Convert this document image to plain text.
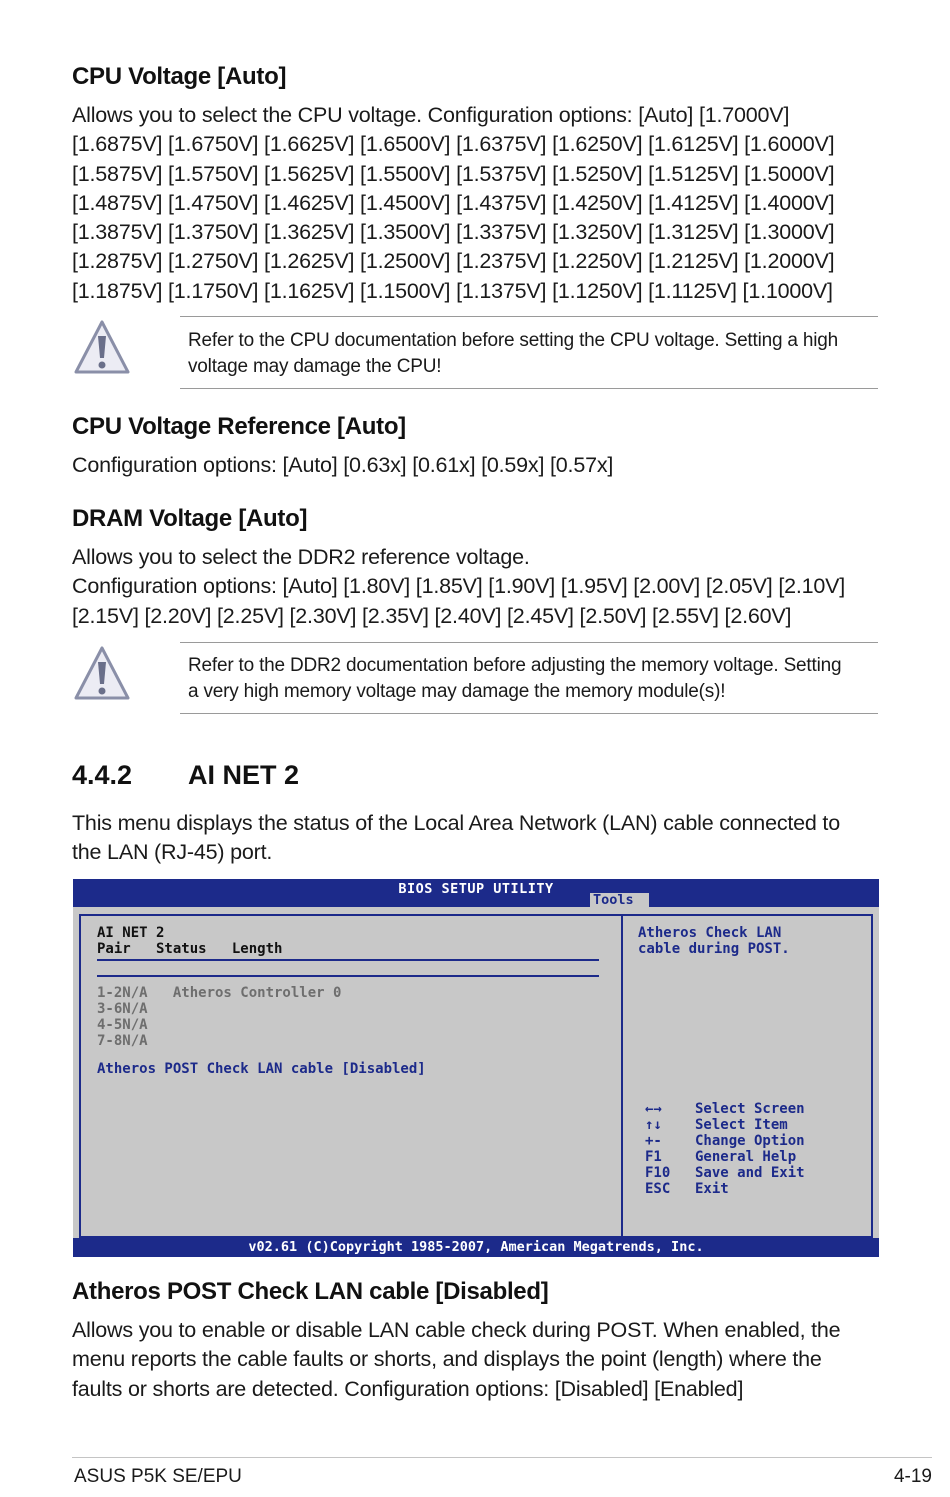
CPU Voltage [Auto]

Allows you to select the CPU voltage. Configuration options: [Auto] [1.7000V]
[1.6875V] [1.6750V] [1.6625V] [1.6500V] [1.6375V] [1.6250V] [1.6125V] [1.6000V]
[1.5875V] [1.5750V] [1.5625V] [1.5500V] [1.5375V] [1.5250V] [1.5125V] [1.5000V]
[1.4875V] [1.4750V] [1.4625V] [1.4500V] [1.4375V] [1.4250V] [1.4125V] [1.4000V]
[1.3875V] [1.3750V] [1.3625V] [1.3500V] [1.3375V] [1.3250V] [1.3125V] [1.3000V]
[1.2875V] [1.2750V] [1.2625V] [1.2500V] [1.2375V] [1.2250V] [1.2125V] [1.2000V]
[1.1875V] [1.1750V] [1.1625V] [1.1500V] [1.1375V] [1.1250V] [1.1125V] [1.1000V]

Refer to the CPU documentation before setting the CPU voltage. Setting a high
voltage may damage the CPU!

CPU Voltage Reference [Auto]

Configuration options: [Auto] [0.63x] [0.61x] [0.59x] [0.57x]

DRAM Voltage [Auto]

Allows you to select the DDR2 reference voltage.
Configuration options: [Auto] [1.80V] [1.85V] [1.90V] [1.95V] [2.00V] [2.05V] [2.10V]
[2.15V] [2.20V] [2.25V] [2.30V] [2.35V] [2.40V] [2.45V] [2.50V] [2.55V] [2.60V]

Refer to the DDR2 documentation before adjusting the memory voltage. Setting
a very high memory voltage may damage the memory module(s)!

4.4.2 AI NET 2

This menu displays the status of the Local Area Network (LAN) cable connected to
the LAN (RJ-45) port.

BIOS SETUP UTILITY
Tools
AI NET 2
Pair   Status   Length
1-2N/A   Atheros Controller 0
3-6N/A
4-5N/A
7-8N/A
Atheros POST Check LAN cable [Disabled]
Atheros Check LAN
cable during POST.
←→	Select Screen
↑↓	Select Item
+-	Change Option
F1	General Help
F10	Save and Exit
ESC	Exit
v02.61 (C)Copyright 1985-2007, American Megatrends, Inc.
Atheros POST Check LAN cable [Disabled]

Allows you to enable or disable LAN cable check during POST. When enabled, the
menu reports the cable faults or shorts, and displays the point (length) where the
faults or shorts are detected. Configuration options: [Disabled] [Enabled]

ASUS P5K SE/EPU	4-19
